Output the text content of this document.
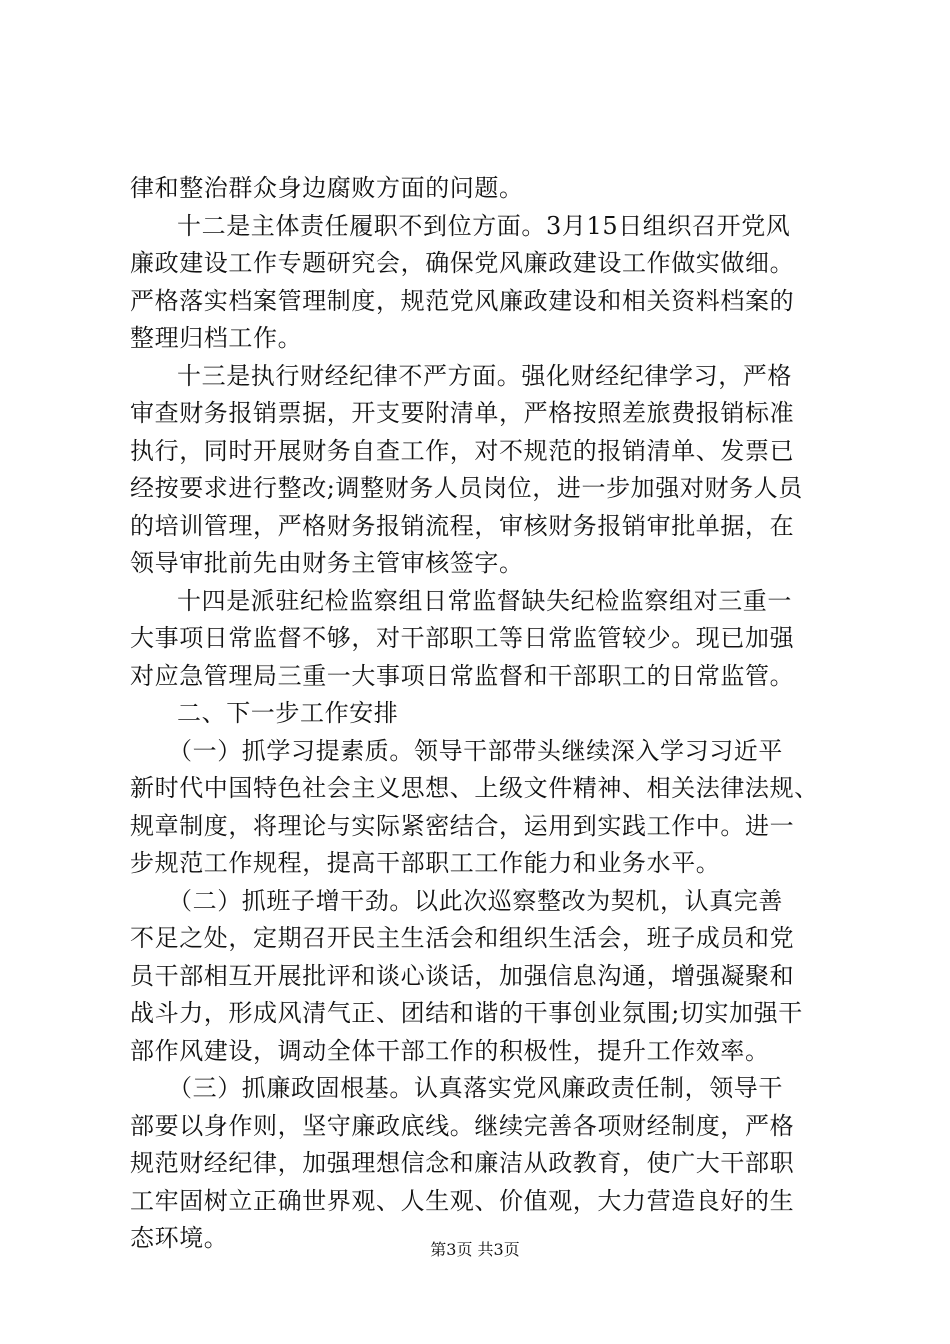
律和整治群众身边腐败方面的问题。
十二是主体责任履职不到位方面。3月15日组织召开党风
廉政建设工作专题研究会，确保党风廉政建设工作做实做细。
严格落实档案管理制度，规范党风廉政建设和相关资料档案的
整理归档工作。
十三是执行财经纪律不严方面。强化财经纪律学习，严格
审查财务报销票据，开支要附清单，严格按照差旅费报销标准
执行，同时开展财务自查工作，对不规范的报销清单、发票已
经按要求进行整改;调整财务人员岗位，进一步加强对财务人员
的培训管理，严格财务报销流程，审核财务报销审批单据，在
领导审批前先由财务主管审核签字。
十四是派驻纪检监察组日常监督缺失纪检监察组对三重一
大事项日常监督不够，对干部职工等日常监管较少。现已加强
对应急管理局三重一大事项日常监督和干部职工的日常监管。
二、下一步工作安排
（一）抓学习提素质。领导干部带头继续深入学习习近平
新时代中国特色社会主义思想、上级文件精神、相关法律法规、
规章制度，将理论与实际紧密结合，运用到实践工作中。进一
步规范工作规程，提高干部职工工作能力和业务水平。
（二）抓班子增干劲。以此次巡察整改为契机，认真完善
不足之处，定期召开民主生活会和组织生活会，班子成员和党
员干部相互开展批评和谈心谈话，加强信息沟通，增强凝聚和
战斗力，形成风清气正、团结和谐的干事创业氛围;切实加强干
部作风建设，调动全体干部工作的积极性，提升工作效率。
（三）抓廉政固根基。认真落实党风廉政责任制，领导干
部要以身作则，坚守廉政底线。继续完善各项财经制度，严格
规范财经纪律，加强理想信念和廉洁从政教育，使广大干部职
工牢固树立正确世界观、人生观、价值观，大力营造良好的生
态环境。	第3页 共3页
